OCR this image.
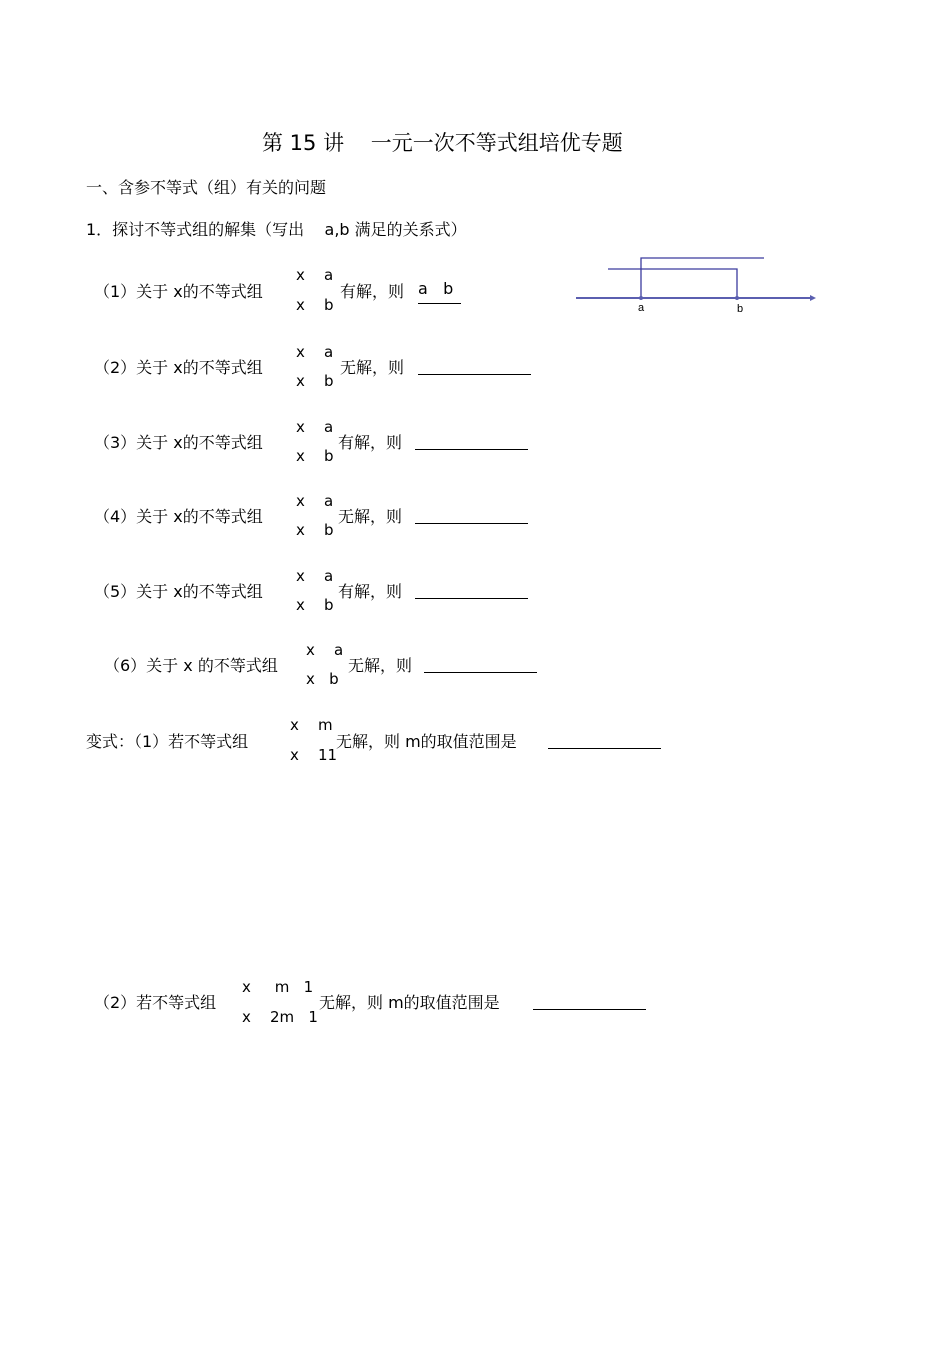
第 15 讲    一元一次不等式组培优专题
一、含参不等式（组）有关的问题
1．探讨不等式组的解集（写出    a,b 满足的关系式）
（1）关于 x的不等式组
x    a
x    b
有解，则 a   b
a	b
（2）关于 x的不等式组
x    a
x    b
无解，则
（3）关于 x的不等式组
x    a
x    b
有解，则
（4）关于 x的不等式组
x    a
x    b
无解，则
（5）关于 x的不等式组
x    a
x    b
有解，则
（6）关于 x 的不等式组
x    a
x   b
无解，则
变式：（1）若不等式组
x    m
x    11
无解，则 m的取值范围是
（2）若不等式组
x     m   1
x    2m   1
无解，则 m的取值范围是
